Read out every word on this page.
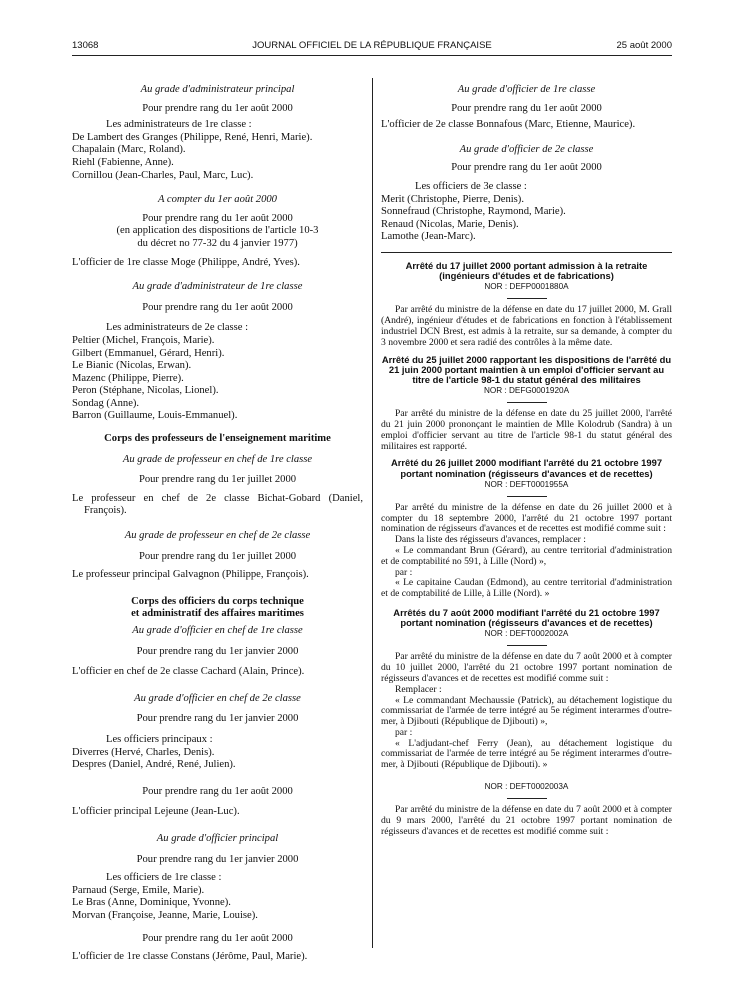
13068	JOURNAL OFFICIEL DE LA RÉPUBLIQUE FRANÇAISE	25 août 2000
Au grade d'administrateur principal
Pour prendre rang du 1er août 2000
Les administrateurs de 1re classe :
De Lambert des Granges (Philippe, René, Henri, Marie).
Chapalain (Marc, Roland).
Riehl (Fabienne, Anne).
Cornillou (Jean-Charles, Paul, Marc, Luc).
A compter du 1er août 2000
Pour prendre rang du 1er août 2000
(en application des dispositions de l'article 10-3
du décret no 77-32 du 4 janvier 1977)
L'officier de 1re classe Moge (Philippe, André, Yves).
Au grade d'administrateur de 1re classe
Pour prendre rang du 1er août 2000
Les administrateurs de 2e classe :
Peltier (Michel, François, Marie).
Gilbert (Emmanuel, Gérard, Henri).
Le Bianic (Nicolas, Erwan).
Mazenc (Philippe, Pierre).
Peron (Stéphane, Nicolas, Lionel).
Sondag (Anne).
Barron (Guillaume, Louis-Emmanuel).
Corps des professeurs de l'enseignement maritime
Au grade de professeur en chef de 1re classe
Pour prendre rang du 1er juillet 2000
Le professeur en chef de 2e classe Bichat-Gobard (Daniel, François).
Au grade de professeur en chef de 2e classe
Pour prendre rang du 1er juillet 2000
Le professeur principal Galvagnon (Philippe, François).
Corps des officiers du corps technique
et administratif des affaires maritimes
Au grade d'officier en chef de 1re classe
Pour prendre rang du 1er janvier 2000
L'officier en chef de 2e classe Cachard (Alain, Prince).
Au grade d'officier en chef de 2e classe
Pour prendre rang du 1er janvier 2000
Les officiers principaux :
Diverres (Hervé, Charles, Denis).
Despres (Daniel, André, René, Julien).
Pour prendre rang du 1er août 2000
L'officier principal Lejeune (Jean-Luc).
Au grade d'officier principal
Pour prendre rang du 1er janvier 2000
Les officiers de 1re classe :
Parnaud (Serge, Emile, Marie).
Le Bras (Anne, Dominique, Yvonne).
Morvan (Françoise, Jeanne, Marie, Louise).
Pour prendre rang du 1er août 2000
L'officier de 1re classe Constans (Jérôme, Paul, Marie).
Au grade d'officier de 1re classe
Pour prendre rang du 1er août 2000
L'officier de 2e classe Bonnafous (Marc, Etienne, Maurice).
Au grade d'officier de 2e classe
Pour prendre rang du 1er août 2000
Les officiers de 3e classe :
Merit (Christophe, Pierre, Denis).
Sonnefraud (Christophe, Raymond, Marie).
Renaud (Nicolas, Marie, Denis).
Lamothe (Jean-Marc).
Arrêté du 17 juillet 2000 portant admission à la retraite (ingénieurs d'études et de fabrications)
NOR : DEFP0001880A
Par arrêté du ministre de la défense en date du 17 juillet 2000, M. Grall (André), ingénieur d'études et de fabrications en fonction à l'établissement industriel DCN Brest, est admis à la retraite, sur sa demande, à compter du 3 novembre 2000 et sera radié des contrôles à la même date.
Arrêté du 25 juillet 2000 rapportant les dispositions de l'arrêté du 21 juin 2000 portant maintien à un emploi d'officier servant au titre de l'article 98-1 du statut général des militaires
NOR : DEFG0001920A
Par arrêté du ministre de la défense en date du 25 juillet 2000, l'arrêté du 21 juin 2000 prononçant le maintien de Mlle Kolodrub (Sandra) à un emploi d'officier servant au titre de l'article 98-1 du statut général des militaires est rapporté.
Arrêté du 26 juillet 2000 modifiant l'arrêté du 21 octobre 1997 portant nomination (régisseurs d'avances et de recettes)
NOR : DEFT0001955A
Par arrêté du ministre de la défense en date du 26 juillet 2000 et à compter du 18 septembre 2000, l'arrêté du 21 octobre 1997 portant nomination de régisseurs d'avances et de recettes est modifié comme suit :
Dans la liste des régisseurs d'avances, remplacer :
« Le commandant Brun (Gérard), au centre territorial d'administration et de comptabilité no 591, à Lille (Nord) »,
par :
« Le capitaine Caudan (Edmond), au centre territorial d'administration et de comptabilité de Lille, à Lille (Nord). »
Arrêtés du 7 août 2000 modifiant l'arrêté du 21 octobre 1997 portant nomination (régisseurs d'avances et de recettes)
NOR : DEFT0002002A
Par arrêté du ministre de la défense en date du 7 août 2000 et à compter du 10 juillet 2000, l'arrêté du 21 octobre 1997 portant nomination de régisseurs d'avances et de recettes est modifié comme suit :
Remplacer :
« Le commandant Mechaussie (Patrick), au détachement logistique du commissariat de l'armée de terre intégré au 5e régiment interarmes d'outre-mer, à Djibouti (République de Djibouti) »,
par :
« L'adjudant-chef Ferry (Jean), au détachement logistique du commissariat de l'armée de terre intégré au 5e régiment interarmes d'outre-mer, à Djibouti (République de Djibouti). »
NOR : DEFT0002003A
Par arrêté du ministre de la défense en date du 7 août 2000 et à compter du 9 mars 2000, l'arrêté du 21 octobre 1997 portant nomination de régisseurs d'avances et de recettes est modifié comme suit :
